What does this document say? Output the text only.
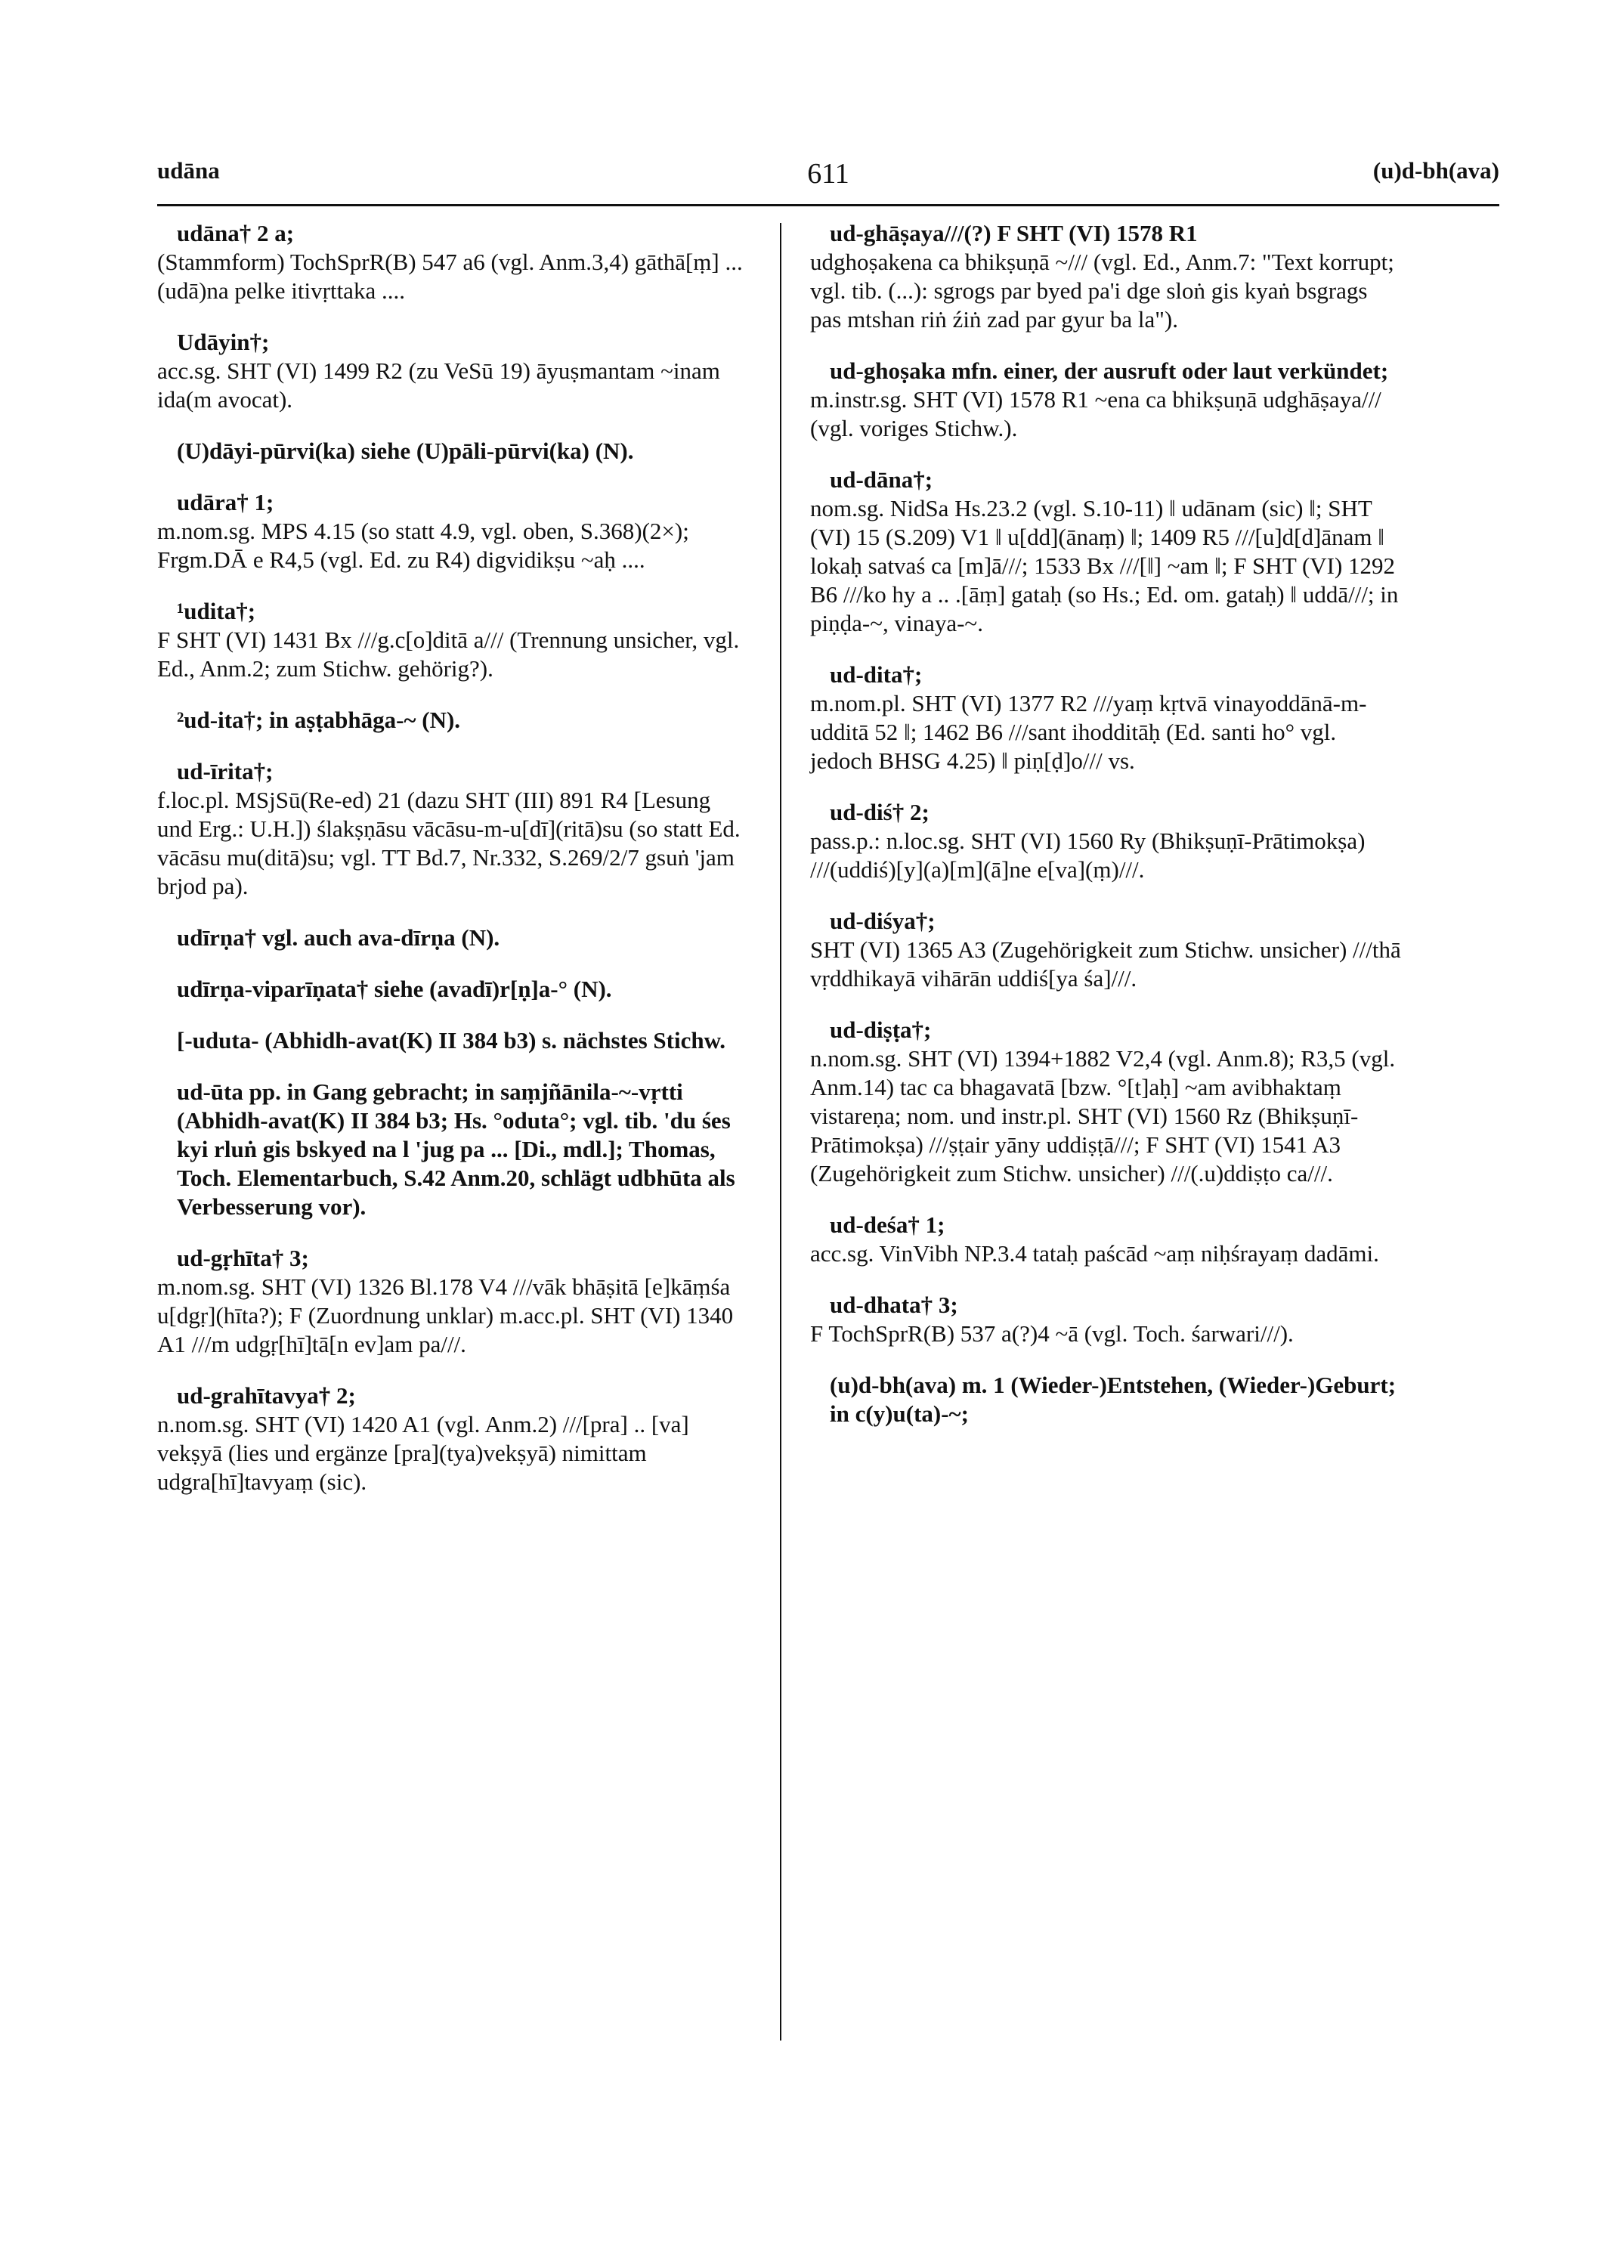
udāna	611	(u)d-bh(ava)
udāna† 2 a;
(Stammform) TochSprR(B) 547 a6 (vgl. Anm.3,4) gāthā[ṃ] ... (udā)na pelke itivṛttaka ....
Udāyin†;
acc.sg. SHT (VI) 1499 R2 (zu VeSū 19) āyuṣmantam ~inam ida(m avocat).
(U)dāyi-pūrvi(ka) siehe (U)pāli-pūrvi(ka) (N).
udāra† 1;
m.nom.sg. MPS 4.15 (so statt 4.9, vgl. oben, S.368)(2×); Frgm.DĀ e R4,5 (vgl. Ed. zu R4) digvidikṣu ~aḥ ....
¹udita†;
F SHT (VI) 1431 Bx ///g.c[o]ditā a/// (Trennung unsicher, vgl. Ed., Anm.2; zum Stichw. gehörig?).
²ud-ita†; in aṣṭabhāga-~ (N).
ud-īrita†;
f.loc.pl. MSjSū(Re-ed) 21 (dazu SHT (III) 891 R4 [Lesung und Erg.: U.H.]) ślakṣṇāsu vācāsu-m-u[dī](ritā)su (so statt Ed. vācāsu mu(ditā)su; vgl. TT Bd.7, Nr.332, S.269/2/7 gsuṅ 'jam brjod pa).
udīrṇa† vgl. auch ava-dīrṇa (N).
udīrṇa-viparīṇata† siehe (avadī)r[ṇ]a-° (N).
[-uduta- (Abhidh-avat(K) II 384 b3) s. nächstes Stichw.
ud-ūta pp. in Gang gebracht; in saṃjñānila-~-vṛtti (Abhidh-avat(K) II 384 b3; Hs. °oduta°; vgl. tib. 'du śes kyi rluṅ gis bskyed na l 'jug pa ... [Di., mdl.]; Thomas, Toch. Elementarbuch, S.42 Anm.20, schlägt udbhūta als Verbesserung vor).
ud-gṛhīta† 3;
m.nom.sg. SHT (VI) 1326 Bl.178 V4 ///vāk bhāṣitā [e]kāṃśa u[dgṛ](hīta?); F (Zuordnung unklar) m.acc.pl. SHT (VI) 1340 A1 ///m udgṛ[hī]tā[n ev]am pa///.
ud-grahītavya† 2;
n.nom.sg. SHT (VI) 1420 A1 (vgl. Anm.2) ///[pra] .. [va] vekṣyā (lies und ergänze [pra](tya)vekṣyā) nimittam udgra[hī]tavyaṃ (sic).
ud-ghāṣaya///(?) F SHT (VI) 1578 R1
udghoṣakena ca bhikṣuṇā ~/// (vgl. Ed., Anm.7: "Text korrupt; vgl. tib. (...): sgrogs par byed pa'i dge sloṅ gis kyaṅ bsgrags pas mtshan riṅ źiṅ zad par gyur ba la").
ud-ghoṣaka mfn. einer, der ausruft oder laut verkündet;
m.instr.sg. SHT (VI) 1578 R1 ~ena ca bhikṣuṇā udghāṣaya/// (vgl. voriges Stichw.).
ud-dāna†;
nom.sg. NidSa Hs.23.2 (vgl. S.10-11) ǁ udānam (sic) ǁ; SHT (VI) 15 (S.209) V1 ǁ u[dd](ānaṃ) ǁ; 1409 R5 ///[u]d[d]ānam ǁ lokaḥ satvaś ca [m]ā///; 1533 Bx ///[ǁ] ~am ǁ; F SHT (VI) 1292 B6 ///ko hy a .. .[āṃ] gataḥ (so Hs.; Ed. om. gataḥ) ǁ uddā///; in piṇḍa-~, vinaya-~.
ud-dita†;
m.nom.pl. SHT (VI) 1377 R2 ///yaṃ kṛtvā vinayoddānā-m-udditā 52 ǁ; 1462 B6 ///sant ihodditāḥ (Ed. santi ho° vgl. jedoch BHSG 4.25) ǁ piṇ[ḍ]o/// vs.
ud-diś† 2;
pass.p.: n.loc.sg. SHT (VI) 1560 Ry (Bhikṣuṇī-Prātimokṣa) ///(uddiś)[y](a)[m](ā]ne e[va](ṃ)///.
ud-diśya†;
SHT (VI) 1365 A3 (Zugehörigkeit zum Stichw. unsicher) ///thā vṛddhikayā vihārān uddiś[ya śa]///.
ud-diṣṭa†;
n.nom.sg. SHT (VI) 1394+1882 V2,4 (vgl. Anm.8); R3,5 (vgl. Anm.14) tac ca bhagavatā [bzw. °[t]aḥ] ~am avibhaktaṃ vistareṇa; nom. und instr.pl. SHT (VI) 1560 Rz (Bhikṣuṇī-Prātimokṣa) ///ṣṭair yāny uddiṣṭā///; F SHT (VI) 1541 A3 (Zugehörigkeit zum Stichw. unsicher) ///(.u)ddiṣṭo ca///.
ud-deśa† 1;
acc.sg. VinVibh NP.3.4 tataḥ paścād ~aṃ niḥśrayaṃ dadāmi.
ud-dhata† 3;
F TochSprR(B) 537 a(?)4 ~ā (vgl. Toch. śarwari///).
(u)d-bh(ava) m. 1 (Wieder-)Entstehen, (Wieder-)Geburt; in c(y)u(ta)-~;
